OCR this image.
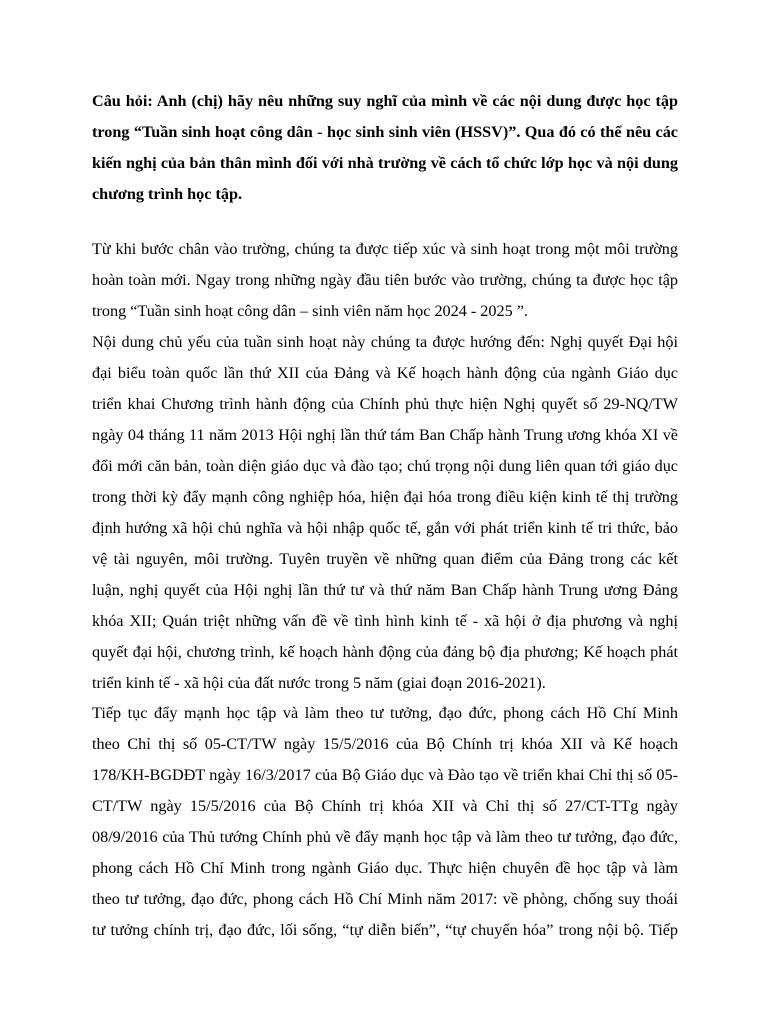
Câu hỏi: Anh (chị) hãy nêu những suy nghĩ của mình về các nội dung được học tập
trong “Tuần sinh hoạt công dân - học sinh sinh viên (HSSV)”. Qua đó có thể nêu các
kiến nghị của bản thân mình đối với nhà trường về cách tổ chức lớp học và nội dung
chương trình học tập.
Từ khi bước chân vào trường, chúng ta được tiếp xúc và sinh hoạt trong một môi trường
hoàn toàn mới. Ngay trong những ngày đầu tiên bước vào trường, chúng ta được học tập
trong “Tuần sinh hoạt công dân – sinh viên năm học 2024 - 2025 ”.
Nội dung chủ yếu của tuần sinh hoạt này chúng ta được hướng đến: Nghị quyết Đại hội
đại biểu toàn quốc lần thứ XII của Đảng và Kế hoạch hành động của ngành Giáo dục
triển khai Chương trình hành động của Chính phủ thực hiện Nghị quyết số 29-NQ/TW
ngày 04 tháng 11 năm 2013 Hội nghị lần thứ tám Ban Chấp hành Trung ương khóa XI về
đổi mới căn bản, toàn diện giáo dục và đào tạo; chú trọng nội dung liên quan tới giáo dục
trong thời kỳ đẩy mạnh công nghiệp hóa, hiện đại hóa trong điều kiện kinh tế thị trường
định hướng xã hội chủ nghĩa và hội nhập quốc tế, gắn với phát triển kinh tế tri thức, bảo
vệ tài nguyên, môi trường. Tuyên truyền về những quan điểm của Đảng trong các kết
luận, nghị quyết của Hội nghị lần thứ tư và thứ năm Ban Chấp hành Trung ương Đảng
khóa XII; Quán triệt những vấn đề về tình hình kinh tế - xã hội ở địa phương và nghị
quyết đại hội, chương trình, kế hoạch hành động của đảng bộ địa phương; Kế hoạch phát
triển kinh tế - xã hội của đất nước trong 5 năm (giai đoạn 2016-2021).
Tiếp tục đẩy mạnh học tập và làm theo tư tưởng, đạo đức, phong cách Hồ Chí Minh
theo Chỉ thị số 05-CT/TW ngày 15/5/2016 của Bộ Chính trị khóa XII và Kế hoạch
178/KH-BGDĐT ngày 16/3/2017 của Bộ Giáo dục và Đào tạo về triển khai Chỉ thị số 05-
CT/TW ngày 15/5/2016 của Bộ Chính trị khóa XII và Chỉ thị số 27/CT-TTg ngày
08/9/2016 của Thủ tướng Chính phủ về đẩy mạnh học tập và làm theo tư tưởng, đạo đức,
phong cách Hồ Chí Minh trong ngành Giáo dục. Thực hiện chuyên đề học tập và làm
theo tư tưởng, đạo đức, phong cách Hồ Chí Minh năm 2017: về phòng, chống suy thoái
tư tưởng chính trị, đạo đức, lối sống, “tự diễn biến”, “tự chuyển hóa” trong nội bộ. Tiếp
